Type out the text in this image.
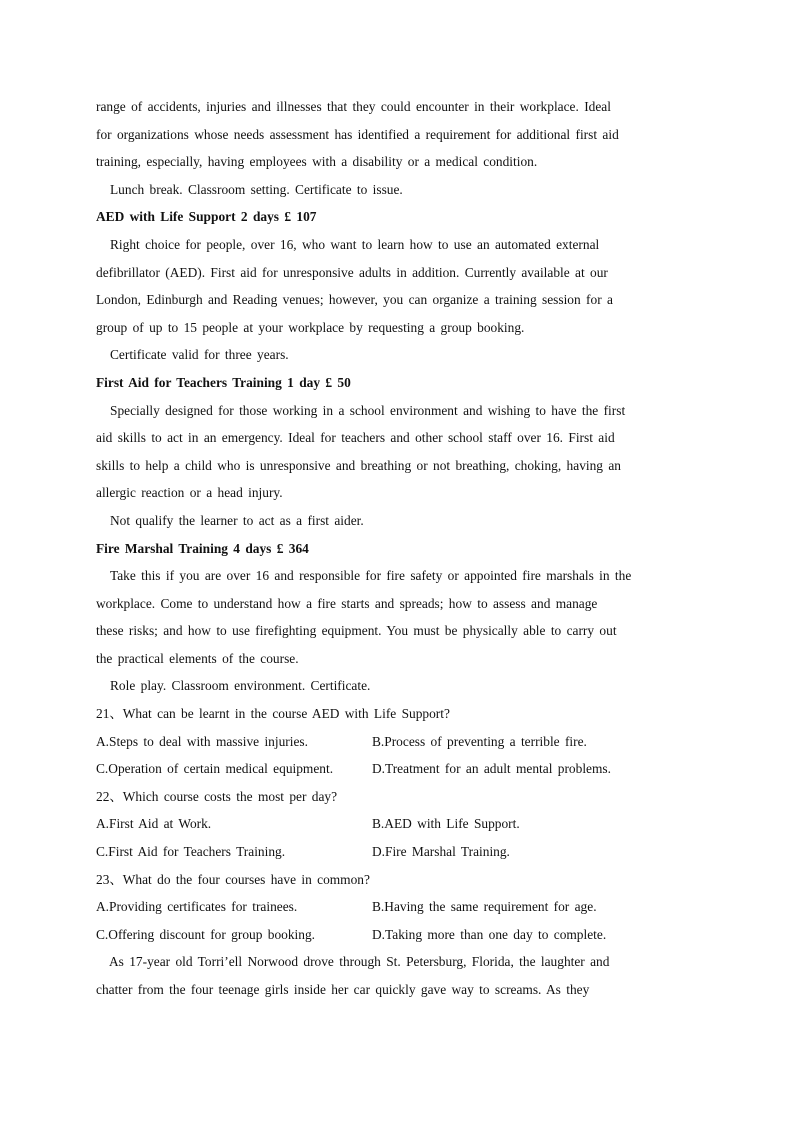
range of accidents, injuries and illnesses that they could encounter in their workplace. Ideal
for organizations whose needs assessment has identified a requirement for additional first aid
training, especially, having employees with a disability or a medical condition.
Lunch break. Classroom setting. Certificate to issue.
AED with Life Support 2 days £ 107
Right choice for people, over 16, who want to learn how to use an automated external
defibrillator (AED). First aid for unresponsive adults in addition. Currently available at our
London, Edinburgh and Reading venues; however, you can organize a training session for a
group of up to 15 people at your workplace by requesting a group booking.
Certificate valid for three years.
First Aid for Teachers Training 1 day £ 50
Specially designed for those working in a school environment and wishing to have the first
aid skills to act in an emergency. Ideal for teachers and other school staff over 16. First aid
skills to help a child who is unresponsive and breathing or not breathing, choking, having an
allergic reaction or a head injury.
Not qualify the learner to act as a first aider.
Fire Marshal Training 4 days £ 364
Take this if you are over 16 and responsible for fire safety or appointed fire marshals in the
workplace. Come to understand how a fire starts and spreads; how to assess and manage
these risks; and how to use firefighting equipment. You must be physically able to carry out
the practical elements of the course.
Role play. Classroom environment. Certificate.
21、What can be learnt in the course AED with Life Support?
A.Steps to deal with massive injuries.	B.Process of preventing a terrible fire.
C.Operation of certain medical equipment.	D.Treatment for an adult mental problems.
22、Which course costs the most per day?
A.First Aid at Work.	B.AED with Life Support.
C.First Aid for Teachers Training.	D.Fire Marshal Training.
23、What do the four courses have in common?
A.Providing certificates for trainees.	B.Having the same requirement for age.
C.Offering discount for group booking.	D.Taking more than one day to complete.
As 17-year old Torri’ell Norwood drove through St. Petersburg, Florida, the laughter and
chatter from the four teenage girls inside her car quickly gave way to screams. As they
